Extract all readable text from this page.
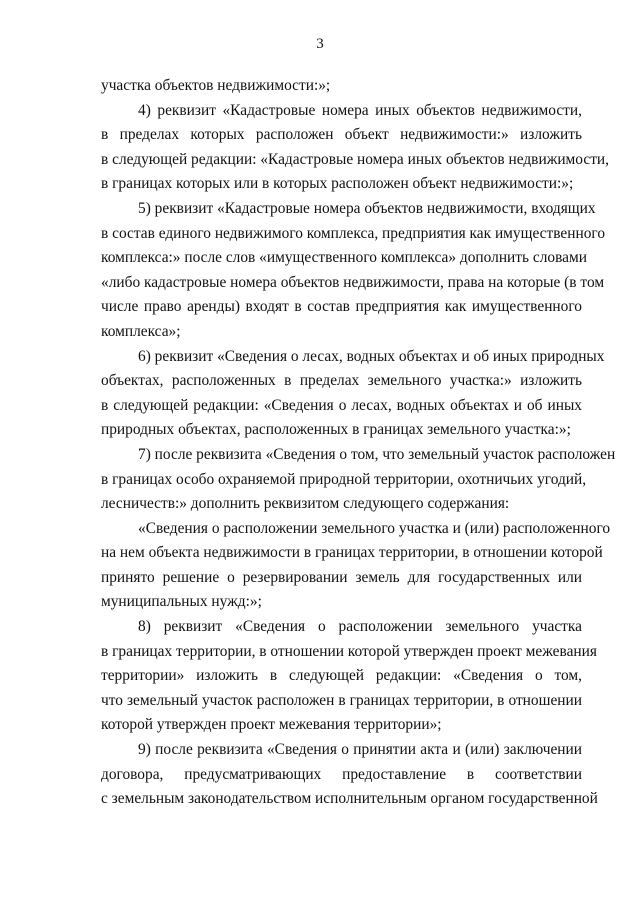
3
участка объектов недвижимости:»;
4) реквизит «Кадастровые номера иных объектов недвижимости,
в пределах которых расположен объект недвижимости:» изложить
в следующей редакции: «Кадастровые номера иных объектов недвижимости,
в границах которых или в которых расположен объект недвижимости:»;
5) реквизит «Кадастровые номера объектов недвижимости, входящих
в состав единого недвижимого комплекса, предприятия как имущественного
комплекса:» после слов «имущественного комплекса» дополнить словами
«либо кадастровые номера объектов недвижимости, права на которые (в том
числе право аренды) входят в состав предприятия как имущественного
комплекса»;
6) реквизит «Сведения о лесах, водных объектах и об иных природных
объектах, расположенных в пределах земельного участка:» изложить
в следующей редакции: «Сведения о лесах, водных объектах и об иных
природных объектах, расположенных в границах земельного участка:»;
7) после реквизита «Сведения о том, что земельный участок расположен
в границах особо охраняемой природной территории, охотничьих угодий,
лесничеств:» дополнить реквизитом следующего содержания:
«Сведения о расположении земельного участка и (или) расположенного
на нем объекта недвижимости в границах территории, в отношении которой
принято решение о резервировании земель для государственных или
муниципальных нужд:»;
8) реквизит «Сведения о расположении земельного участка
в границах территории, в отношении которой утвержден проект межевания
территории» изложить в следующей редакции: «Сведения о том,
что земельный участок расположен в границах территории, в отношении
которой утвержден проект межевания территории»;
9) после реквизита «Сведения о принятии акта и (или) заключении
договора, предусматривающих предоставление в соответствии
с земельным законодательством исполнительным органом государственной
